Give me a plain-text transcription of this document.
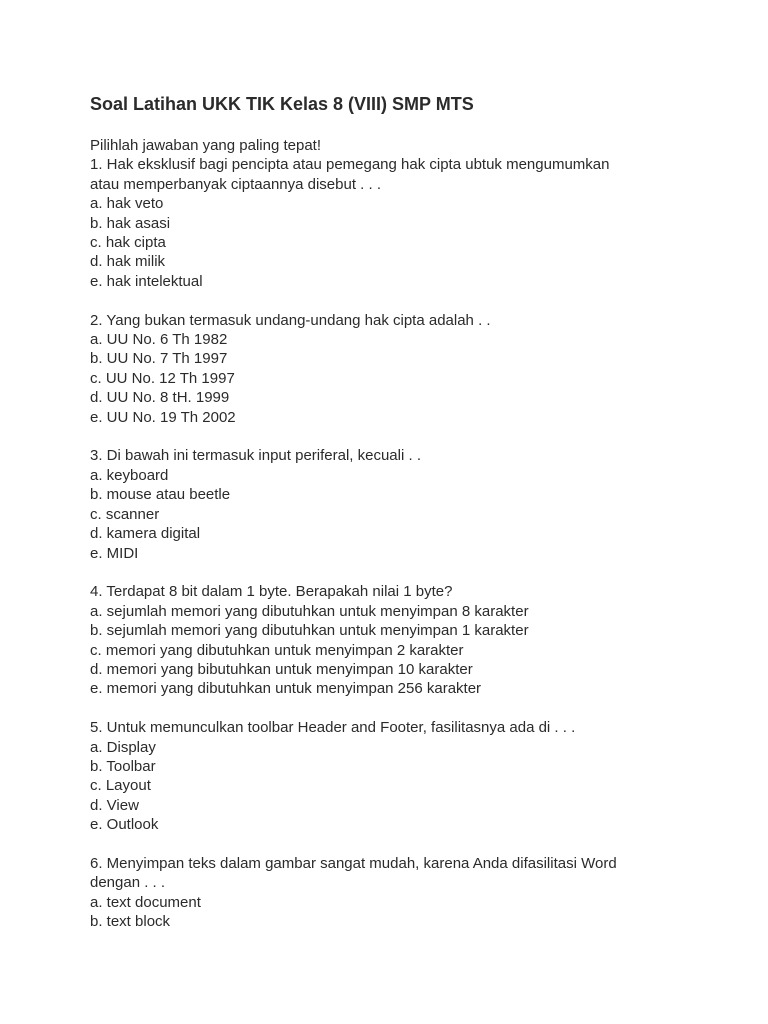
Soal Latihan UKK TIK Kelas 8 (VIII) SMP MTS
Pilihlah jawaban yang paling tepat!
1. Hak eksklusif bagi pencipta atau pemegang hak cipta ubtuk mengumumkan
atau memperbanyak ciptaannya disebut . . .
a. hak veto
b. hak asasi
c. hak cipta
d. hak milik
e. hak intelektual
2. Yang bukan termasuk undang-undang hak cipta adalah . .
a. UU No. 6 Th 1982
b. UU No. 7 Th 1997
c. UU No. 12 Th 1997
d. UU No. 8 tH. 1999
e. UU No. 19 Th 2002
3. Di bawah ini termasuk input periferal, kecuali . .
a. keyboard
b. mouse atau beetle
c. scanner
d. kamera digital
e. MIDI
4. Terdapat 8 bit dalam 1 byte. Berapakah nilai 1 byte?
a. sejumlah memori yang dibutuhkan untuk menyimpan 8 karakter
b. sejumlah memori yang dibutuhkan untuk menyimpan 1 karakter
c. memori yang dibutuhkan untuk menyimpan 2 karakter
d. memori yang bibutuhkan untuk menyimpan 10 karakter
e. memori yang dibutuhkan untuk menyimpan 256 karakter
5. Untuk memunculkan toolbar Header and Footer, fasilitasnya ada di . . .
a. Display
b. Toolbar
c. Layout
d. View
e. Outlook
6. Menyimpan teks dalam gambar sangat mudah, karena Anda difasilitasi Word
dengan . . .
a. text document
b. text block
